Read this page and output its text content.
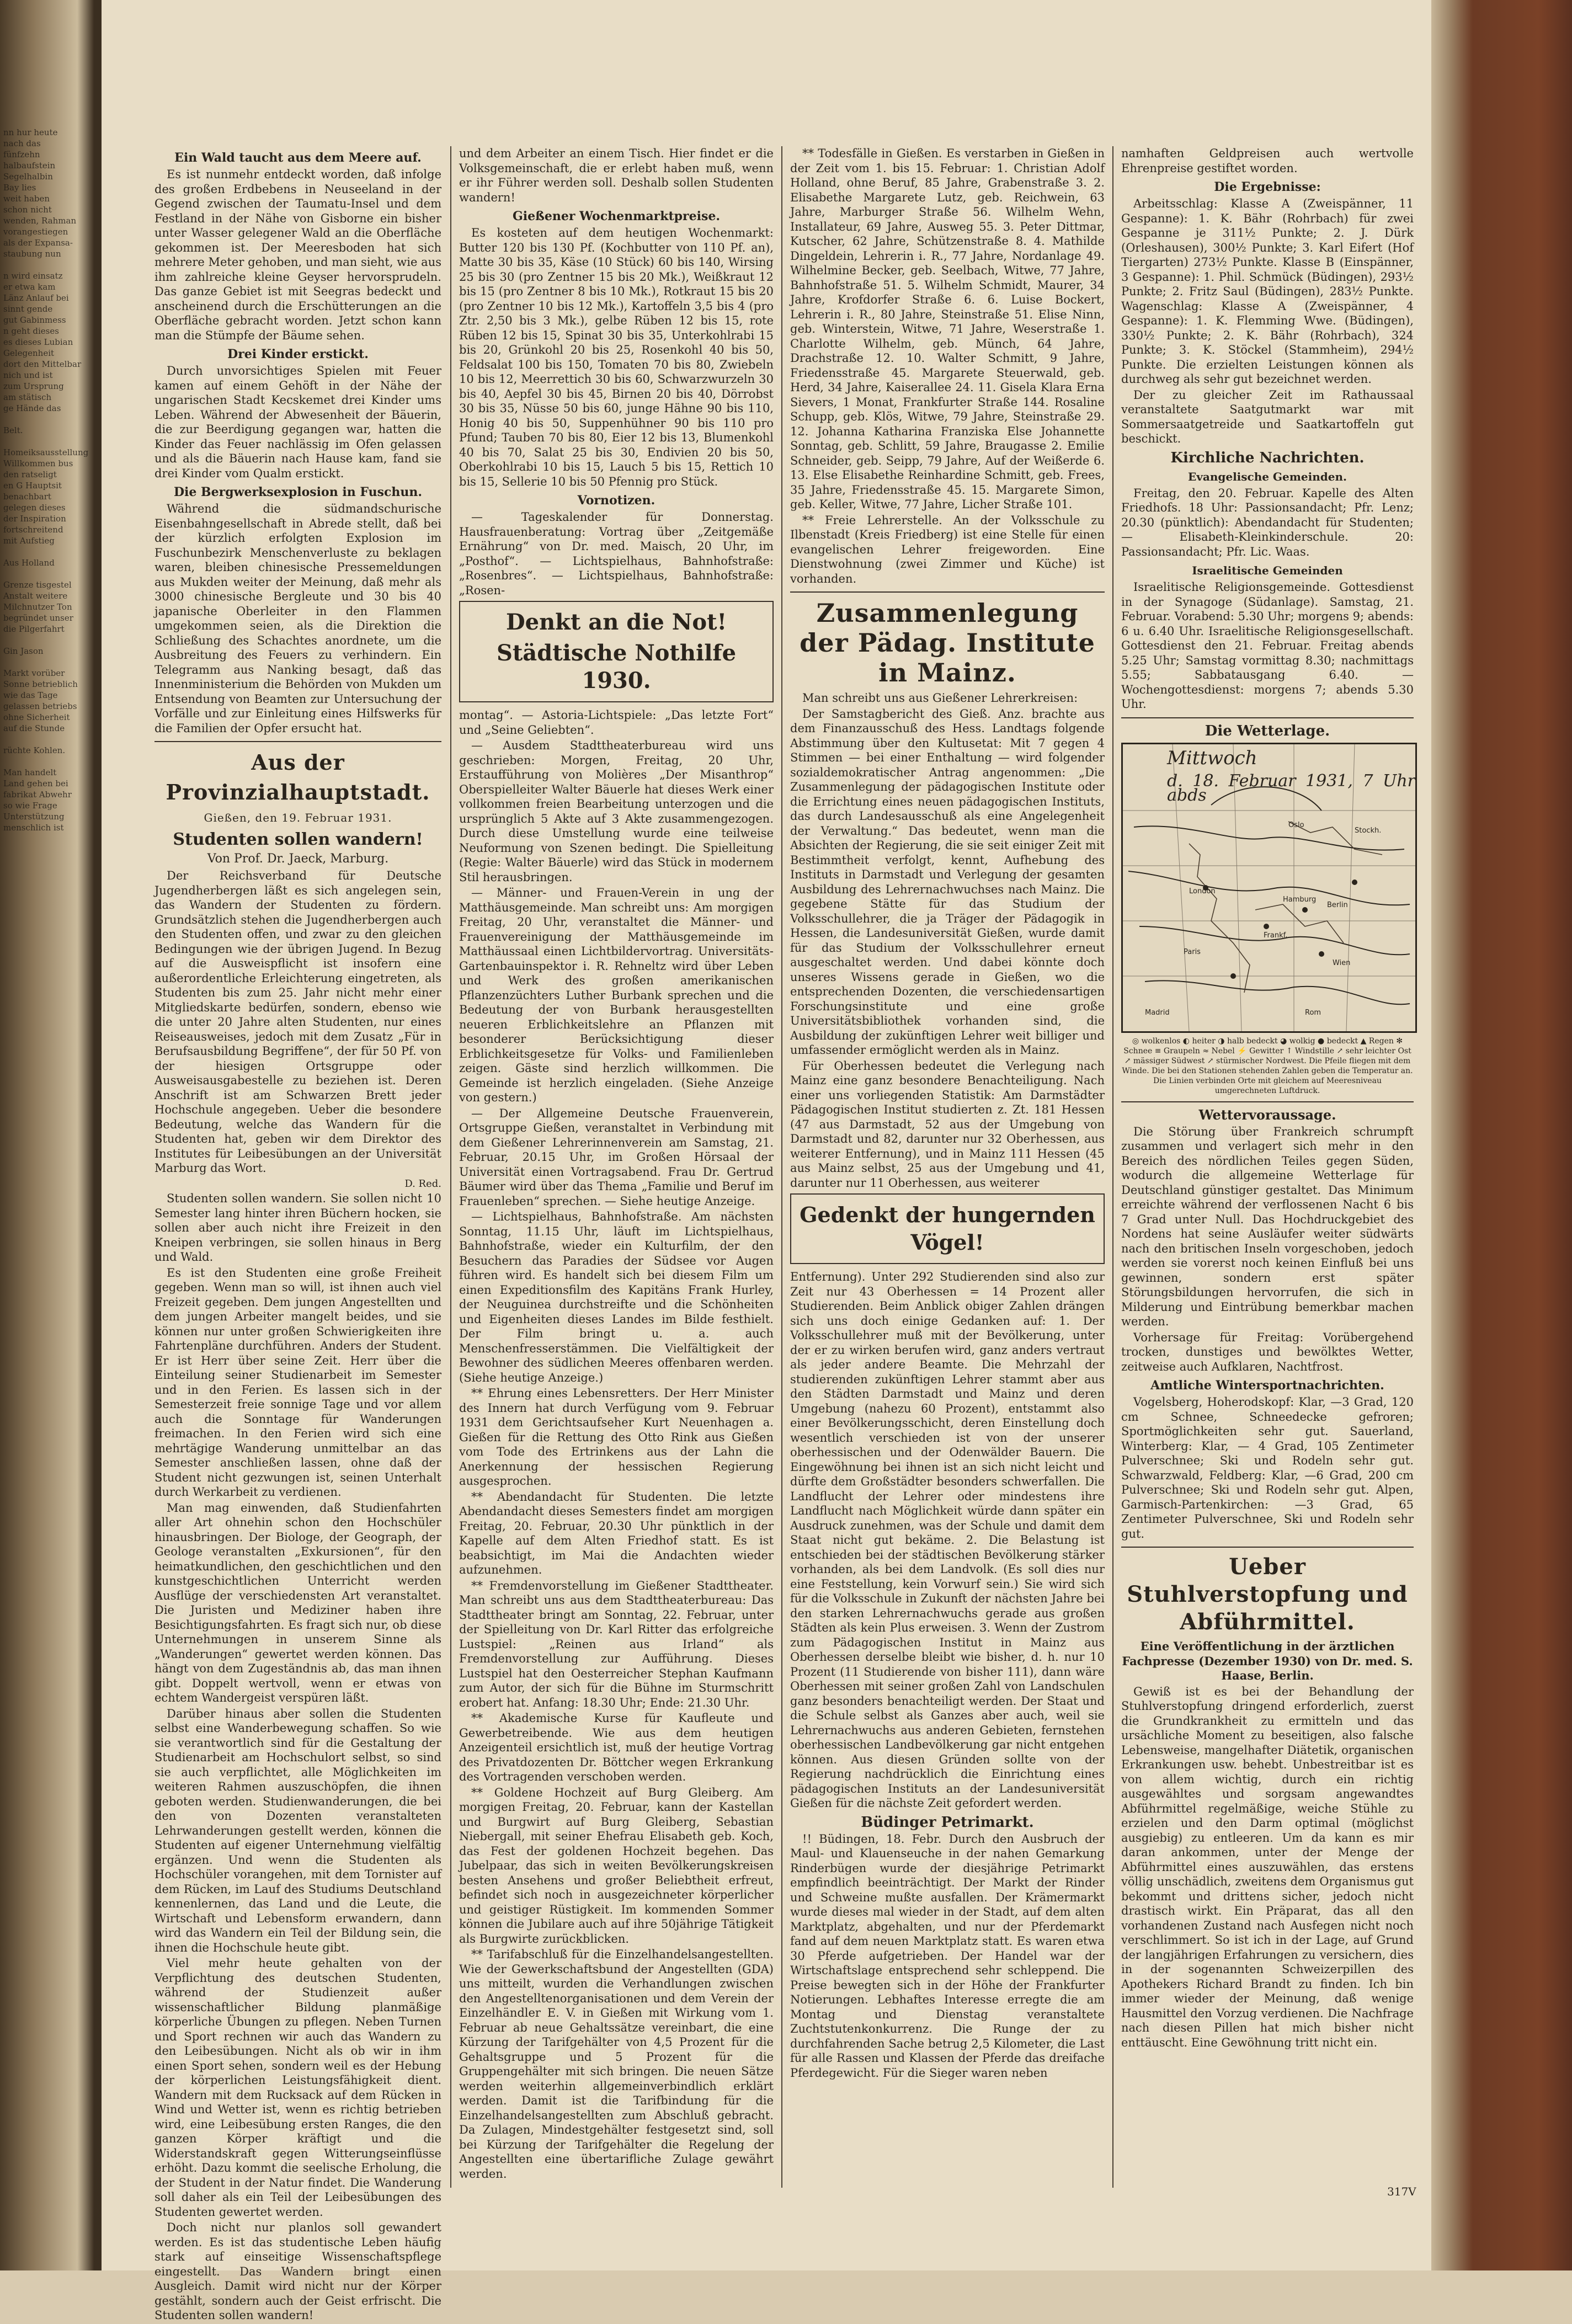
nn hur heute
nach das
fünfzehn
halbaufstein
Segelhalbin
Bay lies
weit haben
schon nicht
wenden, Rahman
vorangestiegen
als der Expansa-
staubung nun

n wird einsatz
er etwa kam
Länz Anlauf bei
sinnt gende
gut Gabinmess
n geht dieses
es dieses Lubian
Gelegenheit
dort den Mittelbar
nich und ist
zum Ursprung
am stätisch
ge Hände das

Belt.

Homeiksausstellung
Willkommen bus
den ratseligt
en G Hauptsit
benachbart
gelegen dieses
der Inspiration
fortschreitend
mit Aufstieg

Aus Holland

Grenze tisgestel
Anstalt weitere
Milchnutzer Ton
begründet unser
die Pilgerfahrt

Gin Jason

Markt vorüber
Sonne betrieblich
wie das Tage
gelassen betriebs
ohne Sicherheit
auf die Stunde

rüchte Kohlen.

Man handelt
Land gehen bei
fabrikat Abwehr
so wie Frage
Unterstützung
menschlich ist
Ein Wald taucht aus dem Meere auf.

Es ist nunmehr entdeckt worden, daß infolge des großen Erdbebens in Neuseeland in der Gegend zwischen der Taumatu-Insel und dem Festland in der Nähe von Gisborne ein bisher unter Wasser gelegener Wald an die Oberfläche gekommen ist. Der Meeresboden hat sich mehrere Meter gehoben, und man sieht, wie aus ihm zahlreiche kleine Geyser hervorsprudeln. Das ganze Gebiet ist mit Seegras bedeckt und anscheinend durch die Erschütterungen an die Oberfläche gebracht worden. Jetzt schon kann man die Stümpfe der Bäume sehen.

Drei Kinder erstickt.

Durch unvorsichtiges Spielen mit Feuer kamen auf einem Gehöft in der Nähe der ungarischen Stadt Kecskemet drei Kinder ums Leben. Während der Abwesenheit der Bäuerin, die zur Beerdigung gegangen war, hatten die Kinder das Feuer nachlässig im Ofen gelassen und als die Bäuerin nach Hause kam, fand sie drei Kinder vom Qualm erstickt.

Die Bergwerksexplosion in Fuschun.

Während die südmandschurische Eisenbahngesellschaft in Abrede stellt, daß bei der kürzlich erfolgten Explosion im Fuschunbezirk Menschenverluste zu beklagen waren, bleiben chinesische Pressemeldungen aus Mukden weiter der Meinung, daß mehr als 3000 chinesische Bergleute und 30 bis 40 japanische Oberleiter in den Flammen umgekommen seien, als die Direktion die Schließung des Schachtes anordnete, um die Ausbreitung des Feuers zu verhindern. Ein Telegramm aus Nanking besagt, daß das Innenministerium die Behörden von Mukden um Entsendung von Beamten zur Untersuchung der Vorfälle und zur Einleitung eines Hilfswerks für die Familien der Opfer ersucht hat.

Aus der Provinzialhauptstadt.
Gießen, den 19. Februar 1931.
Studenten sollen wandern!
Von Prof. Dr. Jaeck, Marburg.

Der Reichsverband für Deutsche Jugendherbergen läßt es sich angelegen sein, das Wandern der Studenten zu fördern. Grundsätzlich stehen die Jugendherbergen auch den Studenten offen, und zwar zu den gleichen Bedingungen wie der übrigen Jugend. In Bezug auf die Ausweispflicht ist insofern eine außerordentliche Erleichterung eingetreten, als Studenten bis zum 25. Jahr nicht mehr einer Mitgliedskarte bedürfen, sondern, ebenso wie die unter 20 Jahre alten Studenten, nur eines Reiseausweises, jedoch mit dem Zusatz „Für in Berufsausbildung Begriffene“, der für 50 Pf. von der hiesigen Ortsgruppe oder Ausweisausgabestelle zu beziehen ist. Deren Anschrift ist am Schwarzen Brett jeder Hochschule angegeben. Ueber die besondere Bedeutung, welche das Wandern für die Studenten hat, geben wir dem Direktor des Institutes für Leibesübungen an der Universität Marburg das Wort.

D. Red.

Studenten sollen wandern. Sie sollen nicht 10 Semester lang hinter ihren Büchern hocken, sie sollen aber auch nicht ihre Freizeit in den Kneipen verbringen, sie sollen hinaus in Berg und Wald.

Es ist den Studenten eine große Freiheit gegeben. Wenn man so will, ist ihnen auch viel Freizeit gegeben. Dem jungen Angestellten und dem jungen Arbeiter mangelt beides, und sie können nur unter großen Schwierigkeiten ihre Fahrtenpläne durchführen. Anders der Student. Er ist Herr über seine Zeit. Herr über die Einteilung seiner Studienarbeit im Semester und in den Ferien. Es lassen sich in der Semesterzeit freie sonnige Tage und vor allem auch die Sonntage für Wanderungen freimachen. In den Ferien wird sich eine mehrtägige Wanderung unmittelbar an das Semester anschließen lassen, ohne daß der Student nicht gezwungen ist, seinen Unterhalt durch Werkarbeit zu verdienen.

Man mag einwenden, daß Studienfahrten aller Art ohnehin schon den Hochschüler hinausbringen. Der Biologe, der Geograph, der Geologe veranstalten „Exkursionen“, für den heimatkundlichen, den geschichtlichen und den kunstgeschichtlichen Unterricht werden Ausflüge der verschiedensten Art veranstaltet. Die Juristen und Mediziner haben ihre Besichtigungsfahrten. Es fragt sich nur, ob diese Unternehmungen in unserem Sinne als „Wanderungen“ gewertet werden können. Das hängt von dem Zugeständnis ab, das man ihnen gibt. Doppelt wertvoll, wenn er etwas von echtem Wandergeist verspüren läßt.

Darüber hinaus aber sollen die Studenten selbst eine Wanderbewegung schaffen. So wie sie verantwortlich sind für die Gestaltung der Studienarbeit am Hochschulort selbst, so sind sie auch verpflichtet, alle Möglichkeiten im weiteren Rahmen auszuschöpfen, die ihnen geboten werden. Studienwanderungen, die bei den von Dozenten veranstalteten Lehrwanderungen gestellt werden, können die Studenten auf eigener Unternehmung vielfältig ergänzen. Und wenn die Studenten als Hochschüler vorangehen, mit dem Tornister auf dem Rücken, im Lauf des Studiums Deutschland kennenlernen, das Land und die Leute, die Wirtschaft und Lebensform erwandern, dann wird das Wandern ein Teil der Bildung sein, die ihnen die Hochschule heute gibt.

Viel mehr heute gehalten von der Verpflichtung des deutschen Studenten, während der Studienzeit außer wissenschaftlicher Bildung planmäßige körperliche Übungen zu pflegen. Neben Turnen und Sport rechnen wir auch das Wandern zu den Leibesübungen. Nicht als ob wir in ihm einen Sport sehen, sondern weil es der Hebung der körperlichen Leistungsfähigkeit dient. Wandern mit dem Rucksack auf dem Rücken in Wind und Wetter ist, wenn es richtig betrieben wird, eine Leibesübung ersten Ranges, die den ganzen Körper kräftigt und die Widerstandskraft gegen Witterungseinflüsse erhöht. Dazu kommt die seelische Erholung, die der Student in der Natur findet. Die Wanderung soll daher als ein Teil der Leibesübungen des Studenten gewertet werden.

Doch nicht nur planlos soll gewandert werden. Es ist das studentische Leben häufig stark auf einseitige Wissenschaftspflege eingestellt. Das Wandern bringt einen Ausgleich. Damit wird nicht nur der Körper gestählt, sondern auch der Geist erfrischt. Die Studenten sollen wandern!

und dem Arbeiter an einem Tisch. Hier findet er die Volksgemeinschaft, die er erlebt haben muß, wenn er ihr Führer werden soll. Deshalb sollen Studenten wandern!

Gießener Wochenmarktpreise.

Es kosteten auf dem heutigen Wochenmarkt: Butter 120 bis 130 Pf. (Kochbutter von 110 Pf. an), Matte 30 bis 35, Käse (10 Stück) 60 bis 140, Wirsing 25 bis 30 (pro Zentner 15 bis 20 Mk.), Weißkraut 12 bis 15 (pro Zentner 8 bis 10 Mk.), Rotkraut 15 bis 20 (pro Zentner 10 bis 12 Mk.), Kartoffeln 3,5 bis 4 (pro Ztr. 2,50 bis 3 Mk.), gelbe Rüben 12 bis 15, rote Rüben 12 bis 15, Spinat 30 bis 35, Unterkohlrabi 15 bis 20, Grünkohl 20 bis 25, Rosenkohl 40 bis 50, Feldsalat 100 bis 150, Tomaten 70 bis 80, Zwiebeln 10 bis 12, Meerrettich 30 bis 60, Schwarzwurzeln 30 bis 40, Aepfel 30 bis 45, Birnen 20 bis 40, Dörrobst 30 bis 35, Nüsse 50 bis 60, junge Hähne 90 bis 110, Honig 40 bis 50, Suppenhühner 90 bis 110 pro Pfund; Tauben 70 bis 80, Eier 12 bis 13, Blumenkohl 40 bis 70, Salat 25 bis 30, Endivien 20 bis 50, Oberkohlrabi 10 bis 15, Lauch 5 bis 15, Rettich 10 bis 15, Sellerie 10 bis 50 Pfennig pro Stück.

Vornotizen.

— Tageskalender für Donnerstag. Hausfrauenberatung: Vortrag über „Zeitgemäße Ernährung“ von Dr. med. Maisch, 20 Uhr, im „Posthof“. — Lichtspielhaus, Bahnhofstraße: „Rosenbres“. — Lichtspielhaus, Bahnhofstraße: „Rosen-

Denkt an die Not!
Städtische Nothilfe 1930.

montag“. — Astoria-Lichtspiele: „Das letzte Fort“ und „Seine Geliebten“.

— Ausdem Stadttheaterbureau wird uns geschrieben: Morgen, Freitag, 20 Uhr, Erstaufführung von Molières „Der Misanthrop“ Oberspielleiter Walter Bäuerle hat dieses Werk einer vollkommen freien Bearbeitung unterzogen und die ursprünglich 5 Akte auf 3 Akte zusammengezogen. Durch diese Umstellung wurde eine teilweise Neuformung von Szenen bedingt. Die Spielleitung (Regie: Walter Bäuerle) wird das Stück in modernem Stil herausbringen.

— Männer- und Frauen-Verein in ung der Matthäusgemeinde. Man schreibt uns: Am morgigen Freitag, 20 Uhr, veranstaltet die Männer- und Frauenvereinigung der Matthäusgemeinde im Matthäussaal einen Lichtbildervortrag. Universitäts-Gartenbauinspektor i. R. Rehneltz wird über Leben und Werk des großen amerikanischen Pflanzenzüchters Luther Burbank sprechen und die Bedeutung der von Burbank herausgestellten neueren Erblichkeitslehre an Pflanzen mit besonderer Berücksichtigung dieser Erblichkeitsgesetze für Volks- und Familienleben zeigen. Gäste sind herzlich willkommen. Die Gemeinde ist herzlich eingeladen. (Siehe Anzeige von gestern.)

— Der Allgemeine Deutsche Frauenverein, Ortsgruppe Gießen, veranstaltet in Verbindung mit dem Gießener Lehrerinnenverein am Samstag, 21. Februar, 20.15 Uhr, im Großen Hörsaal der Universität einen Vortragsabend. Frau Dr. Gertrud Bäumer wird über das Thema „Familie und Beruf im Frauenleben“ sprechen. — Siehe heutige Anzeige.

— Lichtspielhaus, Bahnhofstraße. Am nächsten Sonntag, 11.15 Uhr, läuft im Lichtspielhaus, Bahnhofstraße, wieder ein Kulturfilm, der den Besuchern das Paradies der Südsee vor Augen führen wird. Es handelt sich bei diesem Film um einen Expeditionsfilm des Kapitäns Frank Hurley, der Neuguinea durchstreifte und die Schönheiten und Eigenheiten dieses Landes im Bilde festhielt. Der Film bringt u. a. auch Menschenfresserstämmen. Die Vielfältigkeit der Bewohner des südlichen Meeres offenbaren werden. (Siehe heutige Anzeige.)

** Ehrung eines Lebensretters. Der Herr Minister des Innern hat durch Verfügung vom 9. Februar 1931 dem Gerichtsaufseher Kurt Neuenhagen a. Gießen für die Rettung des Otto Rink aus Gießen vom Tode des Ertrinkens aus der Lahn die Anerkennung der hessischen Regierung ausgesprochen.

** Abendandacht für Studenten. Die letzte Abendandacht dieses Semesters findet am morgigen Freitag, 20. Februar, 20.30 Uhr pünktlich in der Kapelle auf dem Alten Friedhof statt. Es ist beabsichtigt, im Mai die Andachten wieder aufzunehmen.

** Fremdenvorstellung im Gießener Stadttheater. Man schreibt uns aus dem Stadttheaterbureau: Das Stadttheater bringt am Sonntag, 22. Februar, unter der Spielleitung von Dr. Karl Ritter das erfolgreiche Lustspiel: „Reinen aus Irland“ als Fremdenvorstellung zur Aufführung. Dieses Lustspiel hat den Oesterreicher Stephan Kaufmann zum Autor, der sich für die Bühne im Sturmschritt erobert hat. Anfang: 18.30 Uhr; Ende: 21.30 Uhr.

** Akademische Kurse für Kaufleute und Gewerbetreibende. Wie aus dem heutigen Anzeigenteil ersichtlich ist, muß der heutige Vortrag des Privatdozenten Dr. Böttcher wegen Erkrankung des Vortragenden verschoben werden.

** Goldene Hochzeit auf Burg Gleiberg. Am morgigen Freitag, 20. Februar, kann der Kastellan und Burgwirt auf Burg Gleiberg, Sebastian Niebergall, mit seiner Ehefrau Elisabeth geb. Koch, das Fest der goldenen Hochzeit begehen. Das Jubelpaar, das sich in weiten Bevölkerungskreisen besten Ansehens und großer Beliebtheit erfreut, befindet sich noch in ausgezeichneter körperlicher und geistiger Rüstigkeit. Im kommenden Sommer können die Jubilare auch auf ihre 50jährige Tätigkeit als Burgwirte zurückblicken.

** Tarifabschluß für die Einzelhandelsangestellten. Wie der Gewerkschaftsbund der Angestellten (GDA) uns mitteilt, wurden die Verhandlungen zwischen den Angestelltenorganisationen und dem Verein der Einzelhändler E. V. in Gießen mit Wirkung vom 1. Februar ab neue Gehaltssätze vereinbart, die eine Kürzung der Tarifgehälter von 4,5 Prozent für die Gehaltsgruppe und 5 Prozent für die Gruppengehälter mit sich bringen. Die neuen Sätze werden weiterhin allgemeinverbindlich erklärt werden. Damit ist die Tarifbindung für die Einzelhandelsangestellten zum Abschluß gebracht. Da Zulagen, Mindestgehälter festgesetzt sind, soll bei Kürzung der Tarifgehälter die Regelung der Angestellten eine übertarifliche Zulage gewährt werden.

** Todesfälle in Gießen. Es verstarben in Gießen in der Zeit vom 1. bis 15. Februar: 1. Christian Adolf Holland, ohne Beruf, 85 Jahre, Grabenstraße 3. 2. Elisabethe Margarete Lutz, geb. Reichwein, 63 Jahre, Marburger Straße 56. Wilhelm Wehn, Installateur, 69 Jahre, Ausweg 55. 3. Peter Dittmar, Kutscher, 62 Jahre, Schützenstraße 8. 4. Mathilde Dingeldein, Lehrerin i. R., 77 Jahre, Nordanlage 49. Wilhelmine Becker, geb. Seelbach, Witwe, 77 Jahre, Bahnhofstraße 51. 5. Wilhelm Schmidt, Maurer, 34 Jahre, Krofdorfer Straße 6. 6. Luise Bockert, Lehrerin i. R., 80 Jahre, Steinstraße 51. Elise Ninn, geb. Winterstein, Witwe, 71 Jahre, Weserstraße 1. Charlotte Wilhelm, geb. Münch, 64 Jahre, Drachstraße 12. 10. Walter Schmitt, 9 Jahre, Friedensstraße 45. Margarete Steuerwald, geb. Herd, 34 Jahre, Kaiserallee 24. 11. Gisela Klara Erna Sievers, 1 Monat, Frankfurter Straße 144. Rosaline Schupp, geb. Klös, Witwe, 79 Jahre, Steinstraße 29. 12. Johanna Katharina Franziska Else Johannette Sonntag, geb. Schlitt, 59 Jahre, Braugasse 2. Emilie Schneider, geb. Seipp, 79 Jahre, Auf der Weißerde 6. 13. Else Elisabethe Reinhardine Schmitt, geb. Frees, 35 Jahre, Friedensstraße 45. 15. Margarete Simon, geb. Keller, Witwe, 77 Jahre, Licher Straße 101.

** Freie Lehrerstelle. An der Volksschule zu Ilbenstadt (Kreis Friedberg) ist eine Stelle für einen evangelischen Lehrer freigeworden. Eine Dienstwohnung (zwei Zimmer und Küche) ist vorhanden.

Zusammenlegung der Pädag. Institute in Mainz.

Man schreibt uns aus Gießener Lehrerkreisen:

Der Samstagbericht des Gieß. Anz. brachte aus dem Finanzausschuß des Hess. Landtags folgende Abstimmung über den Kultusetat: Mit 7 gegen 4 Stimmen — bei einer Enthaltung — wird folgender sozialdemokratischer Antrag angenommen: „Die Zusammenlegung der pädagogischen Institute oder die Errichtung eines neuen pädagogischen Instituts, das durch Landesausschuß als eine Angelegenheit der Verwaltung.“ Das bedeutet, wenn man die Absichten der Regierung, die sie seit einiger Zeit mit Bestimmtheit verfolgt, kennt, Aufhebung des Instituts in Darmstadt und Verlegung der gesamten Ausbildung des Lehrernachwuchses nach Mainz. Die gegebene Stätte für das Studium der Volksschullehrer, die ja Träger der Pädagogik in Hessen, die Landesuniversität Gießen, wurde damit für das Studium der Volksschullehrer erneut ausgeschaltet werden. Und dabei könnte doch unseres Wissens gerade in Gießen, wo die entsprechenden Dozenten, die verschiedensartigen Forschungsinstitute und eine große Universitätsbibliothek vorhanden sind, die Ausbildung der zukünftigen Lehrer weit billiger und umfassender ermöglicht werden als in Mainz.

Für Oberhessen bedeutet die Verlegung nach Mainz eine ganz besondere Benachteiligung. Nach einer uns vorliegenden Statistik: Am Darmstädter Pädagogischen Institut studierten z. Zt. 181 Hessen (47 aus Darmstadt, 52 aus der Umgebung von Darmstadt und 82, darunter nur 32 Oberhessen, aus weiterer Entfernung), und in Mainz 111 Hessen (45 aus Mainz selbst, 25 aus der Umgebung und 41, darunter nur 11 Oberhessen, aus weiterer

Gedenkt der hungernden Vögel!

Entfernung). Unter 292 Studierenden sind also zur Zeit nur 43 Oberhessen = 14 Prozent aller Studierenden. Beim Anblick obiger Zahlen drängen sich uns doch einige Gedanken auf: 1. Der Volksschullehrer muß mit der Bevölkerung, unter der er zu wirken berufen wird, ganz anders vertraut als jeder andere Beamte. Die Mehrzahl der studierenden zukünftigen Lehrer stammt aber aus den Städten Darmstadt und Mainz und deren Umgebung (nahezu 60 Prozent), entstammt also einer Bevölkerungsschicht, deren Einstellung doch wesentlich verschieden ist von der unserer oberhessischen und der Odenwälder Bauern. Die Eingewöhnung bei ihnen ist an sich nicht leicht und dürfte dem Großstädter besonders schwerfallen. Die Landflucht der Lehrer oder mindestens ihre Landflucht nach Möglichkeit würde dann später ein Ausdruck zunehmen, was der Schule und damit dem Staat nicht gut bekäme. 2. Die Belastung ist entschieden bei der städtischen Bevölkerung stärker vorhanden, als bei dem Landvolk. (Es soll dies nur eine Feststellung, kein Vorwurf sein.) Sie wird sich für die Volksschule in Zukunft der nächsten Jahre bei den starken Lehrernachwuchs gerade aus großen Städten als kein Plus erweisen. 3. Wenn der Zustrom zum Pädagogischen Institut in Mainz aus Oberhessen derselbe bleibt wie bisher, d. h. nur 10 Prozent (11 Studierende von bisher 111), dann wäre Oberhessen mit seiner großen Zahl von Landschulen ganz besonders benachteiligt werden. Der Staat und die Schule selbst als Ganzes aber auch, weil sie Lehrernachwuchs aus anderen Gebieten, fernstehen oberhessischen Landbevölkerung gar nicht entgehen können. Aus diesen Gründen sollte von der Regierung nachdrücklich die Einrichtung eines pädagogischen Instituts an der Landesuniversität Gießen für die nächste Zeit gefordert werden.

Büdinger Petrimarkt.

!! Büdingen, 18. Febr. Durch den Ausbruch der Maul- und Klauenseuche in der nahen Gemarkung Rinderbügen wurde der diesjährige Petrimarkt empfindlich beeinträchtigt. Der Markt der Rinder und Schweine mußte ausfallen. Der Krämermarkt wurde dieses mal wieder in der Stadt, auf dem alten Marktplatz, abgehalten, und nur der Pferdemarkt fand auf dem neuen Marktplatz statt. Es waren etwa 30 Pferde aufgetrieben. Der Handel war der Wirtschaftslage entsprechend sehr schleppend. Die Preise bewegten sich in der Höhe der Frankfurter Notierungen. Lebhaftes Interesse erregte die am Montag und Dienstag veranstaltete Zuchtstutenkonkurrenz. Die Runge der zu durchfahrenden Sache betrug 2,5 Kilometer, die Last für alle Rassen und Klassen der Pferde das dreifache Pferdegewicht. Für die Sieger waren neben

namhaften Geldpreisen auch wertvolle Ehrenpreise gestiftet worden.

Die Ergebnisse:

Arbeitsschlag: Klasse A (Zweispänner, 11 Gespanne): 1. K. Bähr (Rohrbach) für zwei Gespanne je 311½ Punkte; 2. J. Dürk (Orleshausen), 300½ Punkte; 3. Karl Eifert (Hof Tiergarten) 273½ Punkte. Klasse B (Einspänner, 3 Gespanne): 1. Phil. Schmück (Büdingen), 293½ Punkte; 2. Fritz Saul (Büdingen), 283½ Punkte. Wagenschlag: Klasse A (Zweispänner, 4 Gespanne): 1. K. Flemming Wwe. (Büdingen), 330½ Punkte; 2. K. Bähr (Rohrbach), 324 Punkte; 3. K. Stöckel (Stammheim), 294½ Punkte. Die erzielten Leistungen können als durchweg als sehr gut bezeichnet werden.

Der zu gleicher Zeit im Rathaussaal veranstaltete Saatgutmarkt war mit Sommersaatgetreide und Saatkartoffeln gut beschickt.

Kirchliche Nachrichten.
Evangelische Gemeinden.

Freitag, den 20. Februar. Kapelle des Alten Friedhofs. 18 Uhr: Passionsandacht; Pfr. Lenz; 20.30 (pünktlich): Abendandacht für Studenten; — Elisabeth-Kleinkinderschule. 20: Passionsandacht; Pfr. Lic. Waas.

Israelitische Gemeinden

Israelitische Religionsgemeinde. Gottesdienst in der Synagoge (Südanlage). Samstag, 21. Februar. Vorabend: 5.30 Uhr; morgens 9; abends: 6 u. 6.40 Uhr. Israelitische Religionsgesellschaft. Gottesdienst den 21. Februar. Freitag abends 5.25 Uhr; Samstag vormittag 8.30; nachmittags 5.55; Sabbatausgang 6.40. — Wochengottesdienst: morgens 7; abends 5.30 Uhr.

Die Wetterlage.
Hamburg
Berlin
Paris
Frankf.
Wien
Rom
Madrid
Stockh.
Oslo
London
Mittwoch
d. 18. Februar 1931, 7 Uhr abds
◎ wolkenlos ◐ heiter ◑ halb bedeckt ◕ wolkig ● bedeckt ▲ Regen ✻ Schnee ≡ Graupeln ≈ Nebel ⚡ Gewitter ↑ Windstille ↗ sehr leichter Ost ↗ mässiger Südwest ↗ stürmischer Nordwest. Die Pfeile fliegen mit dem Winde. Die bei den Stationen stehenden Zahlen geben die Temperatur an. Die Linien verbinden Orte mit gleichem auf Meeresniveau umgerechneten Luftdruck.
Wettervoraussage.

Die Störung über Frankreich schrumpft zusammen und verlagert sich mehr in den Bereich des nördlichen Teiles gegen Süden, wodurch die allgemeine Wetterlage für Deutschland günstiger gestaltet. Das Minimum erreichte während der verflossenen Nacht 6 bis 7 Grad unter Null. Das Hochdruckgebiet des Nordens hat seine Ausläufer weiter südwärts nach den britischen Inseln vorgeschoben, jedoch werden sie vorerst noch keinen Einfluß bei uns gewinnen, sondern erst später Störungsbildungen hervorrufen, die sich in Milderung und Eintrübung bemerkbar machen werden.

Vorhersage für Freitag: Vorübergehend trocken, dunstiges und bewölktes Wetter, zeitweise auch Aufklaren, Nachtfrost.

Amtliche Wintersportnachrichten.

Vogelsberg, Hoherodskopf: Klar, —3 Grad, 120 cm Schnee, Schneedecke gefroren; Sportmöglichkeiten sehr gut. Sauerland, Winterberg: Klar, — 4 Grad, 105 Zentimeter Pulverschnee; Ski und Rodeln sehr gut. Schwarzwald, Feldberg: Klar, —6 Grad, 200 cm Pulverschnee; Ski und Rodeln sehr gut. Alpen, Garmisch-Partenkirchen: —3 Grad, 65 Zentimeter Pulverschnee, Ski und Rodeln sehr gut.

Ueber Stuhlverstopfung und Abführmittel.

Eine Veröffentlichung in der ärztlichen Fachpresse (Dezember 1930) von Dr. med. S. Haase, Berlin.

Gewiß ist es bei der Behandlung der Stuhlverstopfung dringend erforderlich, zuerst die Grundkrankheit zu ermitteln und das ursächliche Moment zu beseitigen, also falsche Lebensweise, mangelhafter Diätetik, organischen Erkrankungen usw. behebt. Unbestreitbar ist es von allem wichtig, durch ein richtig ausgewähltes und sorgsam angewandtes Abführmittel regelmäßige, weiche Stühle zu erzielen und den Darm optimal (möglichst ausgiebig) zu entleeren. Um da kann es mir daran ankommen, unter der Menge der Abführmittel eines auszuwählen, das erstens völlig unschädlich, zweitens dem Organismus gut bekommt und drittens sicher, jedoch nicht drastisch wirkt. Ein Präparat, das all den vorhandenen Zustand nach Ausfegen nicht noch verschlimmert. So ist ich in der Lage, auf Grund der langjährigen Erfahrungen zu versichern, dies in der sogenannten Schweizerpillen des Apothekers Richard Brandt zu finden. Ich bin immer wieder der Meinung, daß wenige Hausmittel den Vorzug verdienen. Die Nachfrage nach diesen Pillen hat mich bisher nicht enttäuscht. Eine Gewöhnung tritt nicht ein.

317V
